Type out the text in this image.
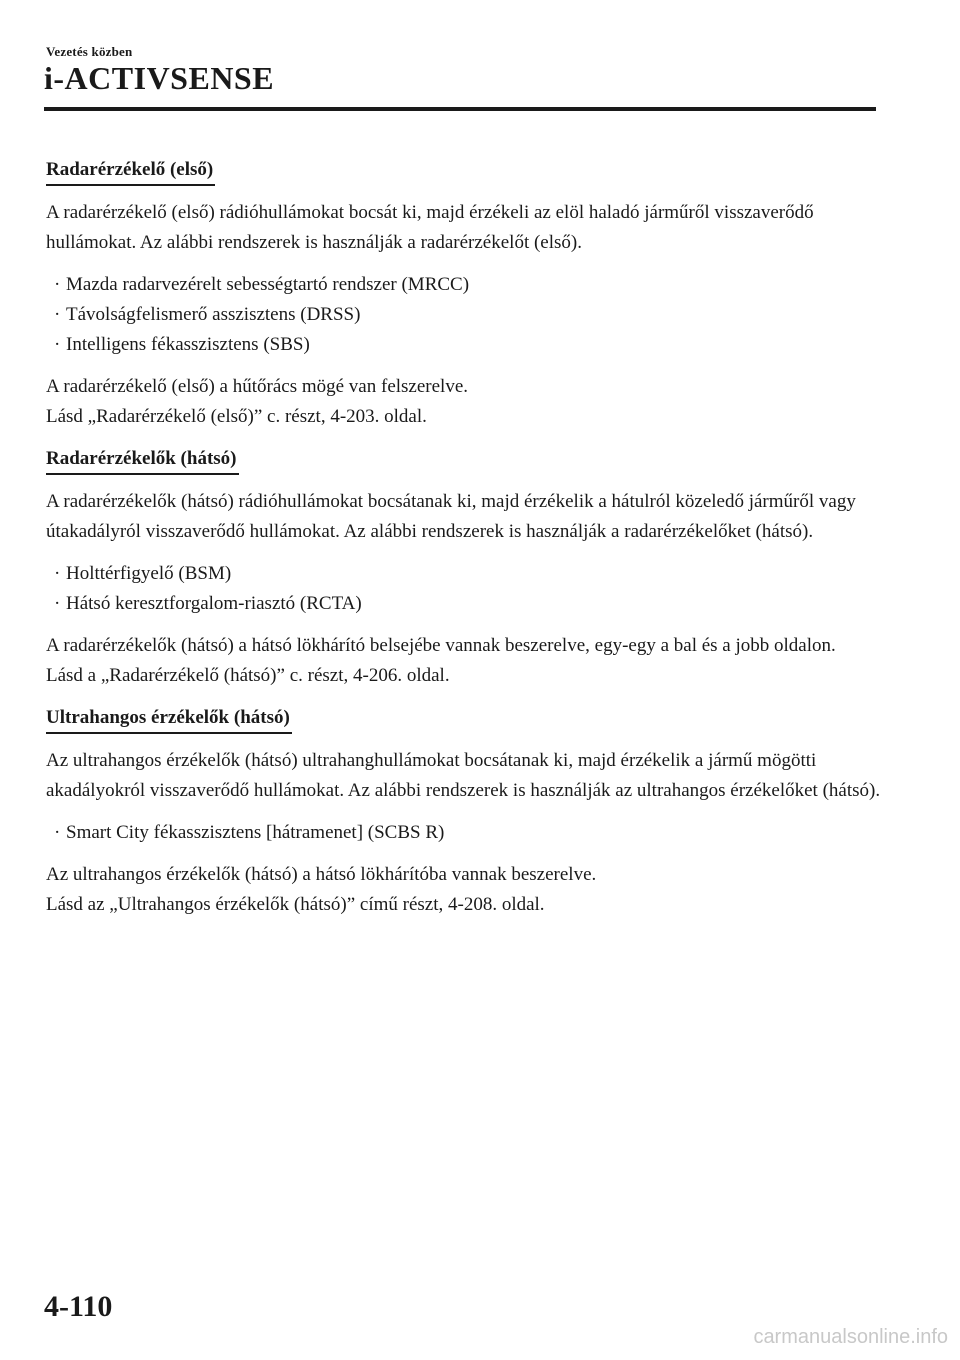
Vezetés közben
i-ACTIVSENSE
Radarérzékelő (első)

A radarérzékelő (első) rádióhullámokat bocsát ki, majd érzékeli az elöl haladó járműről visszaverődő hullámokat. Az alábbi rendszerek is használják a radarérzékelőt (első).

· Mazda radarvezérelt sebességtartó rendszer (MRCC)
· Távolságfelismerő asszisztens (DRSS)
· Intelligens fékasszisztens (SBS)

A radarérzékelő (első) a hűtőrács mögé van felszerelve.
Lásd „Radarérzékelő (első)” c. részt, 4-203. oldal.

Radarérzékelők (hátsó)

A radarérzékelők (hátsó) rádióhullámokat bocsátanak ki, majd érzékelik a hátulról közeledő járműről vagy útakadályról visszaverődő hullámokat. Az alábbi rendszerek is használják a radarérzékelőket (hátsó).

· Holttérfigyelő (BSM)
· Hátsó keresztforgalom-riasztó (RCTA)

A radarérzékelők (hátsó) a hátsó lökhárító belsejébe vannak beszerelve, egy-egy a bal és a jobb oldalon.
Lásd a „Radarérzékelő (hátsó)” c. részt, 4-206. oldal.

Ultrahangos érzékelők (hátsó)

Az ultrahangos érzékelők (hátsó) ultrahanghullámokat bocsátanak ki, majd érzékelik a jármű mögötti akadályokról visszaverődő hullámokat. Az alábbi rendszerek is használják az ultrahangos érzékelőket (hátsó).

· Smart City fékasszisztens [hátramenet] (SCBS R)

Az ultrahangos érzékelők (hátsó) a hátsó lökhárítóba vannak beszerelve.
Lásd az „Ultrahangos érzékelők (hátsó)” című részt, 4-208. oldal.

4-110
carmanualsonline.info
